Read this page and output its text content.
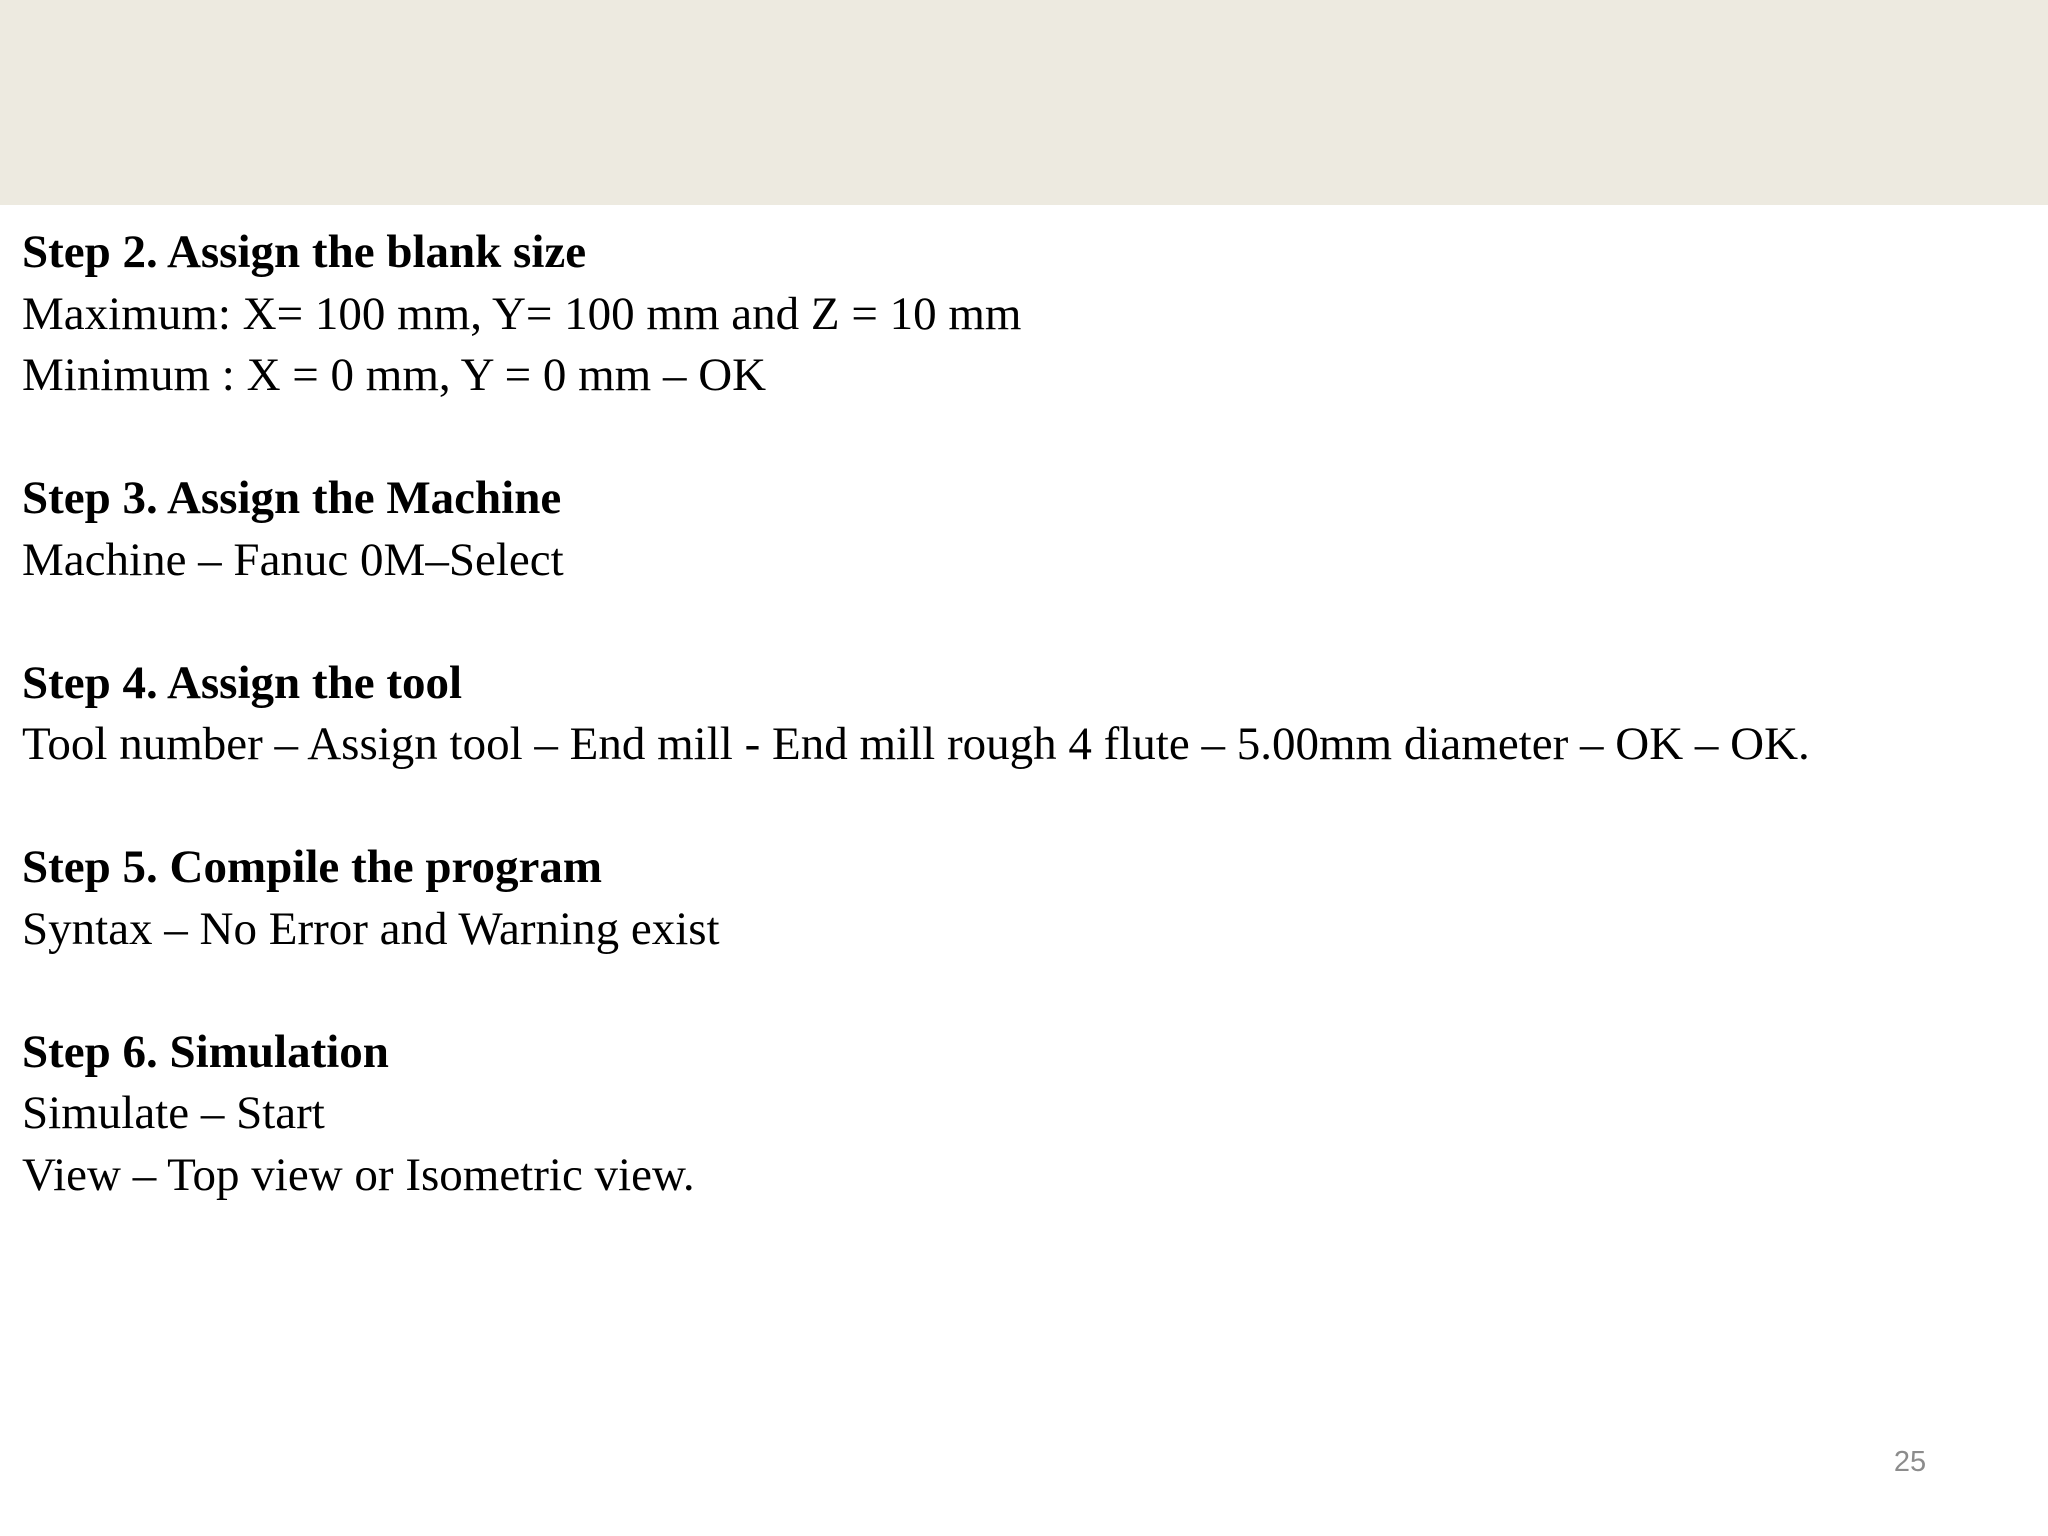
Step 2. Assign the blank size
Maximum: X= 100 mm, Y= 100 mm and Z = 10 mm
Minimum : X = 0 mm, Y = 0 mm – OK
Step 3. Assign the Machine
Machine – Fanuc 0M–Select
Step 4. Assign the tool
Tool number – Assign tool – End mill - End mill rough 4 flute – 5.00mm diameter – OK – OK.
Step 5. Compile the program
Syntax – No Error and Warning exist
Step 6. Simulation
Simulate – Start
View – Top view or Isometric view.
25
